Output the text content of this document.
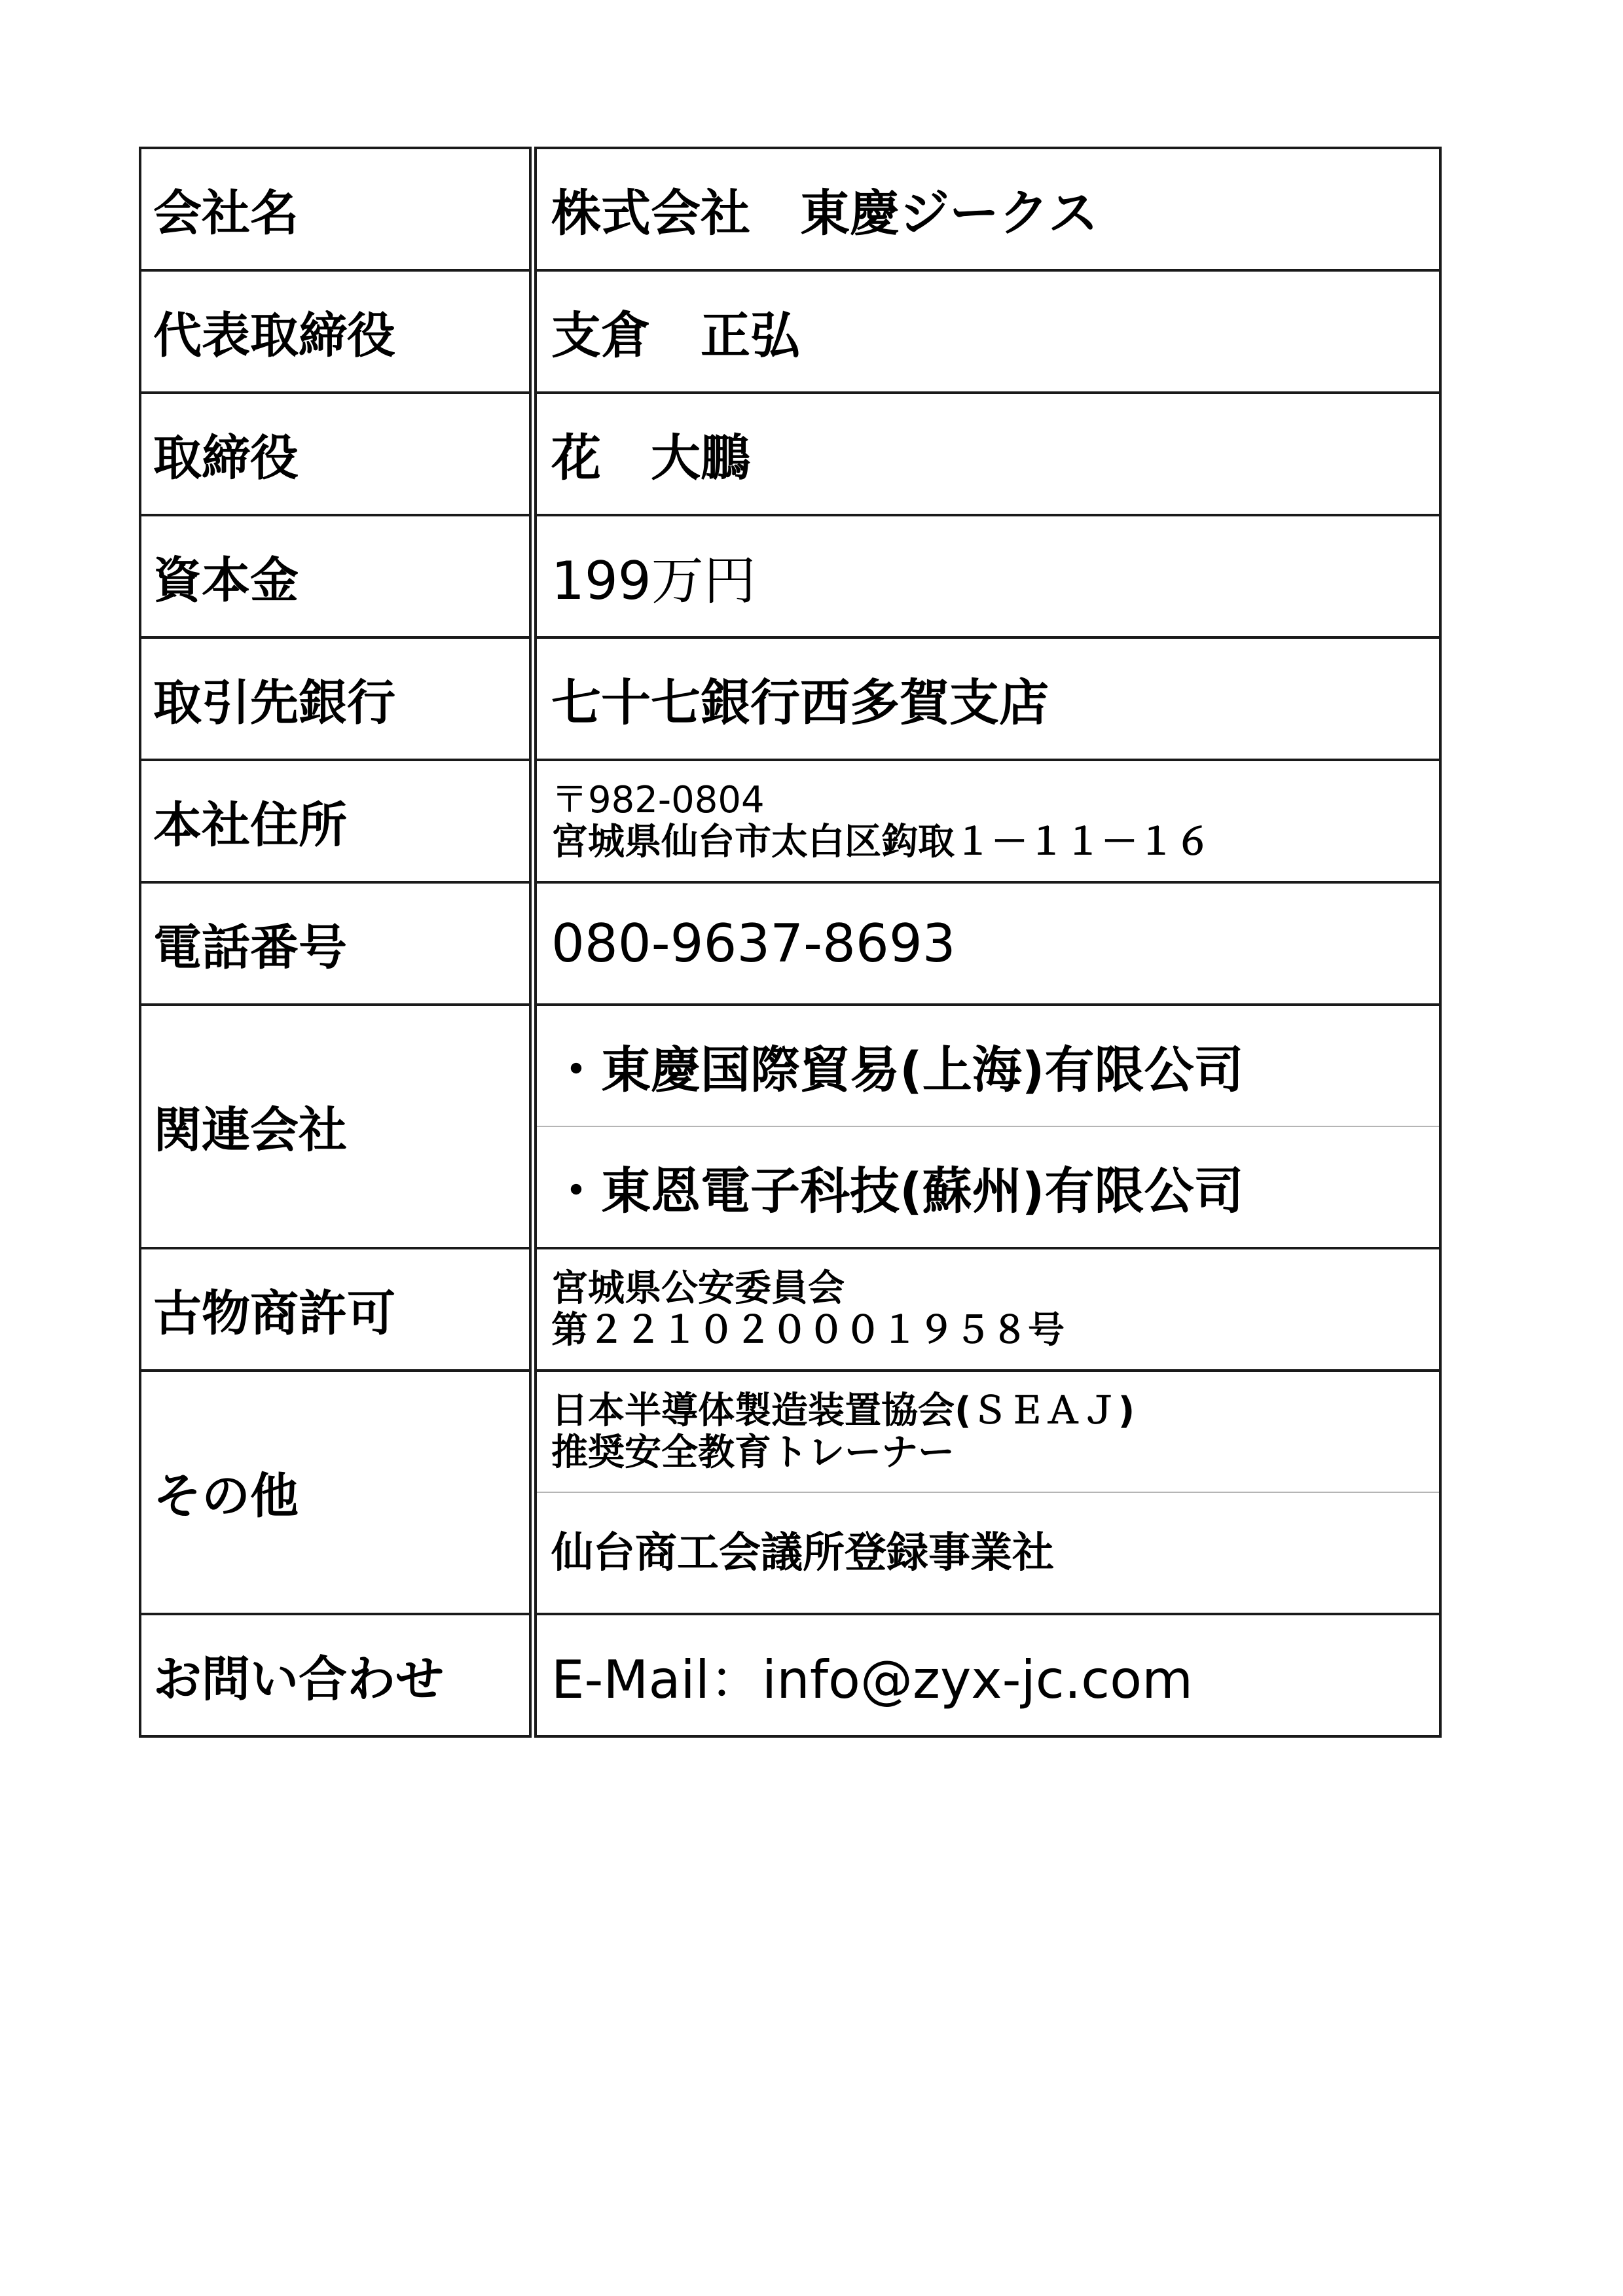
会社名	株式会社　東慶ジークス
代表取締役	支倉　正弘
取締役	花　大鵬
資本金	199万円
取引先銀行	七十七銀行西多賀支店
本社住所	〒982-0804
宮城県仙台市太白区鈎取１－１１－１６

電話番号	080-9637-8693
関連会社	・東慶国際貿易(上海)有限公司
	・東恩電子科技(蘇州)有限公司
古物商許可	宮城県公安委員会
第２２１０２０００１９５８号

その他	日本半導体製造装置協会(ＳＥＡＪ)
推奨安全教育トレーナー

	仙台商工会議所登録事業社
お問い合わせ	E-Mail：info@zyx-jc.com
